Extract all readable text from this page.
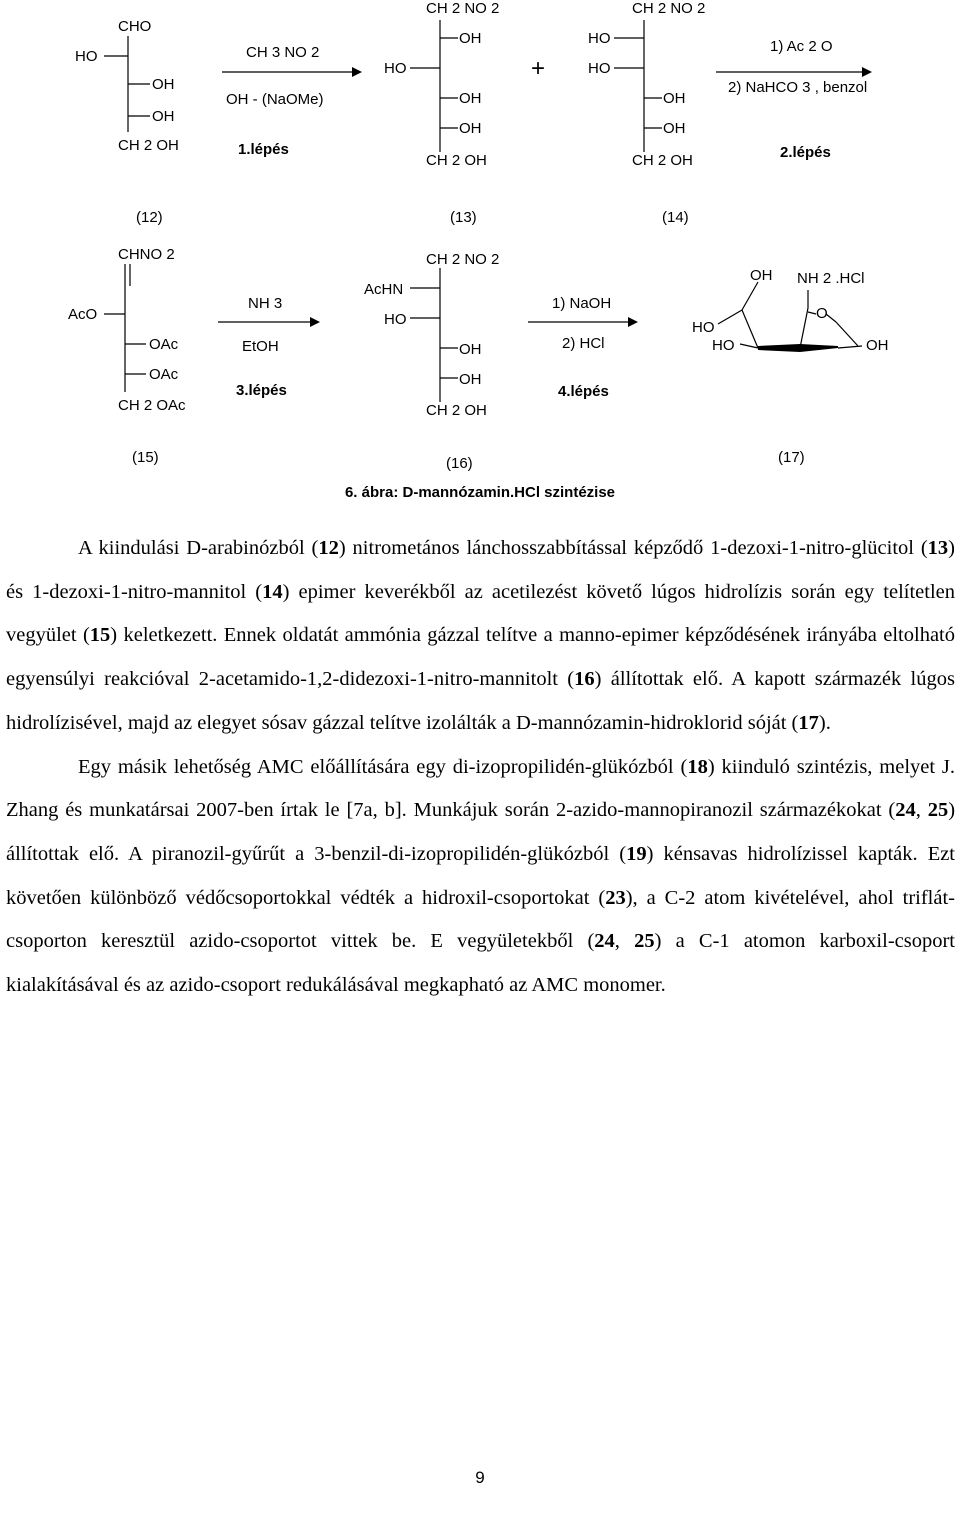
CHO
HO
OH
OH
CH 2 OH
(12)
CH 3 NO 2
OH - (NaOMe)
1.lépés
CH 2 NO 2
OH
HO
OH
OH
CH 2 OH
(13)
+
CH 2 NO 2
HO
HO
OH
OH
CH 2 OH
(14)
1) Ac 2 O
2) NaHCO 3 , benzol
2.lépés
CHNO 2
AcO
OAc
OAc
CH 2 OAc
(15)
NH 3
EtOH
3.lépés
CH 2 NO 2
AcHN
HO
OH
OH
CH 2 OH
(16)
1) NaOH
2) HCl
4.lépés
OH NH 2 .HCl
O
HO
HO	OH
(17)
6. ábra: D-mannózamin.HCl szintézise

A kiindulási D-arabinózból (12) nitrometános lánchosszabbítással képződő 1-dezoxi-1-nitro-glücitol (13) és 1-dezoxi-1-nitro-mannitol (14) epimer keverékből az acetilezést követő lúgos hidrolízis során egy telítetlen vegyület (15) keletkezett. Ennek oldatát ammónia gázzal telítve a manno-epimer képződésének irányába eltolható egyensúlyi reakcióval 2-acetamido-1,2-didezoxi-1-nitro-mannitolt (16) állítottak elő. A kapott származék lúgos hidrolízisével, majd az elegyet sósav gázzal telítve izolálták a D-mannózamin-hidroklorid sóját (17).

Egy másik lehetőség AMC előállítására egy di-izopropilidén-glükózból (18) kiinduló szintézis, melyet J. Zhang és munkatársai 2007-ben írtak le [7a, b]. Munkájuk során 2-azido-mannopiranozil származékokat (24, 25) állítottak elő. A piranozil-gyűrűt a 3-benzil-di-izopropilidén-glükózból (19) kénsavas hidrolízissel kapták. Ezt követően különböző védőcsoportokkal védték a hidroxil-csoportokat (23), a C-2 atom kivételével, ahol triflát-csoporton keresztül azido-csoportot vittek be. E vegyületekből (24, 25) a C-1 atomon karboxil-csoport kialakításával és az azido-csoport redukálásával megkapható az AMC monomer.

9
